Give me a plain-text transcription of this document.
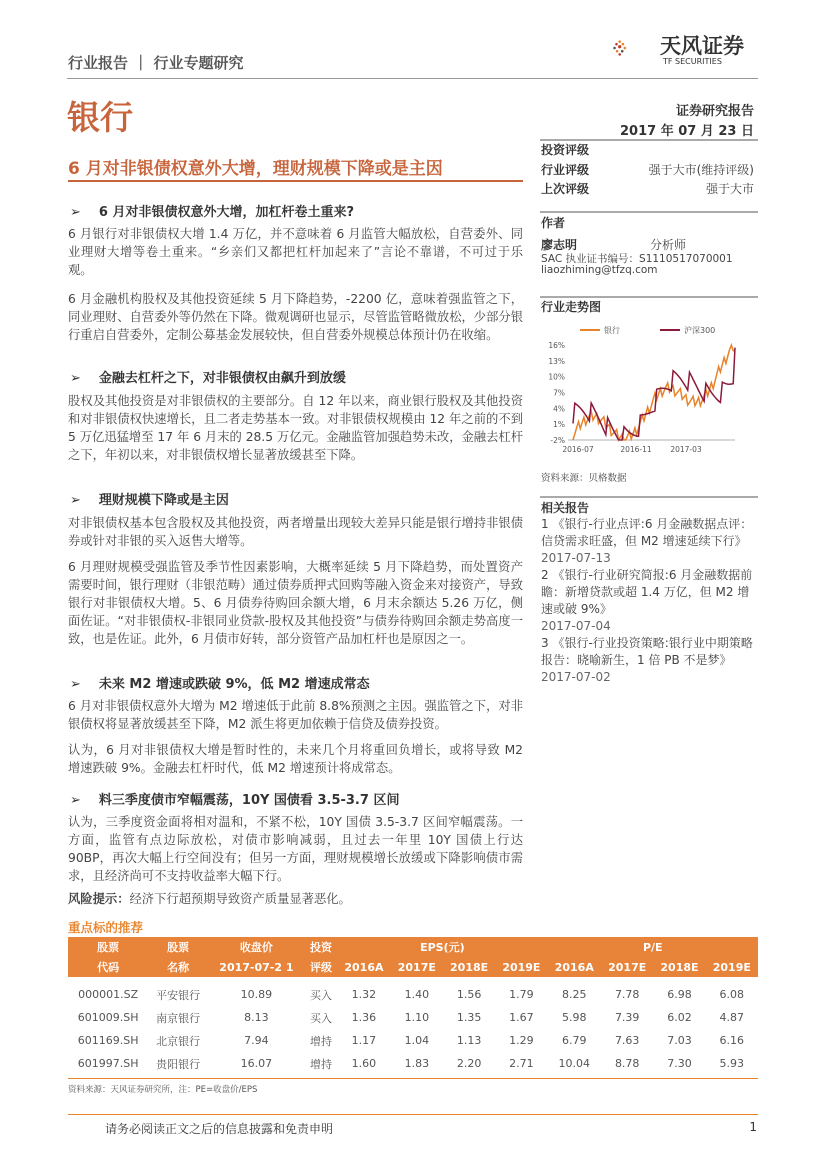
行业报告 ｜ 行业专题研究
天风证券
TF SECURITIES
银行	证券研究报告
2017 年 07 月 23 日
6 月对非银债权意外大增，理财规模下降或是主因
➢ 6 月对非银债权意外大增，加杠杆卷土重来?
6 月银行对非银债权大增 1.4 万亿，并不意味着 6 月监管大幅放松，自营委外、同业理财大增等卷土重来。“乡亲们又都把杠杆加起来了”言论不靠谱，不可过于乐观。
6 月金融机构股权及其他投资延续 5 月下降趋势，-2200 亿，意味着强监管之下，同业理财、自营委外等仍然在下降。微观调研也显示，尽管监管略微放松，少部分银行重启自营委外，定制公募基金发展较快，但自营委外规模总体预计仍在收缩。
➢ 金融去杠杆之下，对非银债权由飙升到放缓
股权及其他投资是对非银债权的主要部分。自 12 年以来，商业银行股权及其他投资和对非银债权快速增长，且二者走势基本一致。对非银债权规模由 12 年之前的不到 5 万亿迅猛增至 17 年 6 月末的 28.5 万亿元。金融监管加强趋势未改，金融去杠杆之下，年初以来，对非银债权增长显著放缓甚至下降。
➢ 理财规模下降或是主因
对非银债权基本包含股权及其他投资，两者增量出现较大差异只能是银行增持非银债券或针对非银的买入返售大增等。
6 月理财规模受强监管及季节性因素影响，大概率延续 5 月下降趋势，而处置资产需要时间，银行理财（非银范畴）通过债券质押式回购等融入资金来对接资产，导致银行对非银债权大增。5、6 月债券待购回余额大增，6 月末余额达 5.26 万亿，侧面佐证。“对非银债权-非银同业贷款-股权及其他投资”与债券待购回余额走势高度一致，也是佐证。此外，6 月债市好转，部分资管产品加杠杆也是原因之一。
➢ 未来 M2 增速或跌破 9%，低 M2 增速成常态
6 月对非银债权意外大增为 M2 增速低于此前 8.8%预测之主因。强监管之下，对非银债权将显著放缓甚至下降，M2 派生将更加依赖于信贷及债券投资。
认为，6 月对非银债权大增是暂时性的，未来几个月将重回负增长，或将导致 M2 增速跌破 9%。金融去杠杆时代，低 M2 增速预计将成常态。
➢ 料三季度债市窄幅震荡，10Y 国债看 3.5-3.7 区间
认为，三季度资金面将相对温和，不紧不松，10Y 国债 3.5-3.7 区间窄幅震荡。一方面，监管有点边际放松，对债市影响减弱，且过去一年里 10Y 国债上行达 90BP，再次大幅上行空间没有；但另一方面，理财规模增长放缓或下降影响债市需求，且经济尚可不支持收益率大幅下行。
风险提示：经济下行超预期导致资产质量显著恶化。
投资评级
行业评级	强于大市(维持评级)
上次评级	强于大市
作者
廖志明	分析师
SAC 执业证书编号：S1110517070001
liaozhiming@tfzq.com
行业走势图
银行	沪深300
16%
13%
10%
7%
4%
1%
-2%
2016-07	2016-11 2017-03
资料来源：贝格数据
相关报告
1 《银行-行业点评:6 月金融数据点评：信贷需求旺盛，但 M2 增速延续下行》
2017-07-13
2 《银行-行业研究简报:6 月金融数据前瞻：新增贷款或超 1.4 万亿，但 M2 增速或破 9%》
2017-07-04
3 《银行-行业投资策略:银行业中期策略报告：晓喻新生，1 倍 PB 不是梦》
2017-07-02
重点标的推荐
股票	股票	收盘价	投资	EPS(元)				P/E			
代码	名称	2017-07-2 1	评级	2016A	2017E	2018E	2019E	2016A	2017E	2018E	2019E

000001.SZ	平安银行	10.89	买入	1.32	1.40	1.56	1.79	8.25	7.78	6.98	6.08
601009.SH	南京银行	8.13	买入	1.36	1.10	1.35	1.67	5.98	7.39	6.02	4.87
601169.SH	北京银行	7.94	增持	1.17	1.04	1.13	1.29	6.79	7.63	7.03	6.16
601997.SH	贵阳银行	16.07	增持	1.60	1.83	2.20	2.71	10.04	8.78	7.30	5.93
资料来源：天风证券研究所，注：PE=收盘价/EPS
请务必阅读正文之后的信息披露和免责申明	1
